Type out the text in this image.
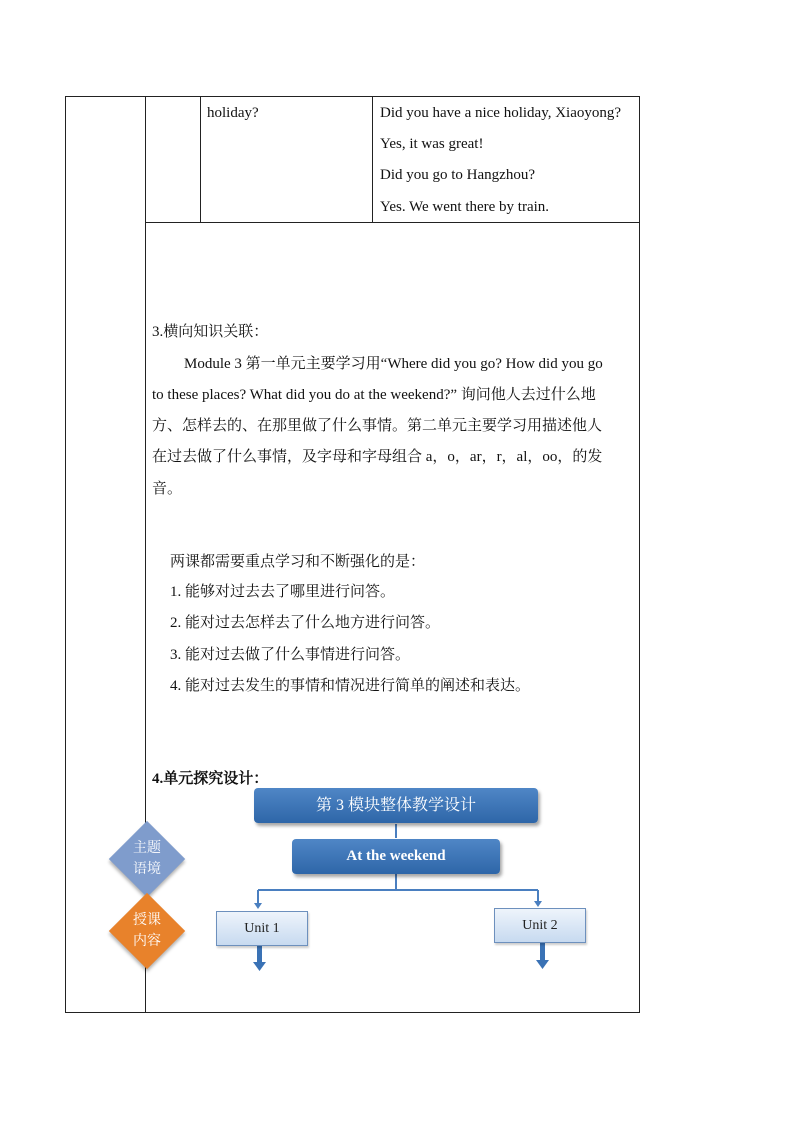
holiday?	Did you have a nice holiday, Xiaoyong?
Yes, it was great!
Did you go to Hangzhou?
Yes. We went there by train.
3.横向知识关联：
Module 3 第一单元主要学习用“Where did you go? How did you go
to these places? What did you do at the weekend?” 询问他人去过什么地
方、怎样去的、在那里做了什么事情。第二单元主要学习用描述他人
在过去做了什么事情，及字母和字母组合 a，o，ar，r，al，oo，的发
音。
两课都需要重点学习和不断强化的是：
1. 能够对过去去了哪里进行问答。
2. 能对过去怎样去了什么地方进行问答。
3. 能对过去做了什么事情进行问答。
4. 能对过去发生的事情和情况进行简单的阐述和表达。
4.单元探究设计：
第 3 模块整体教学设计
At the weekend
Unit 1	Unit 2
主题
语境
授课
内容
